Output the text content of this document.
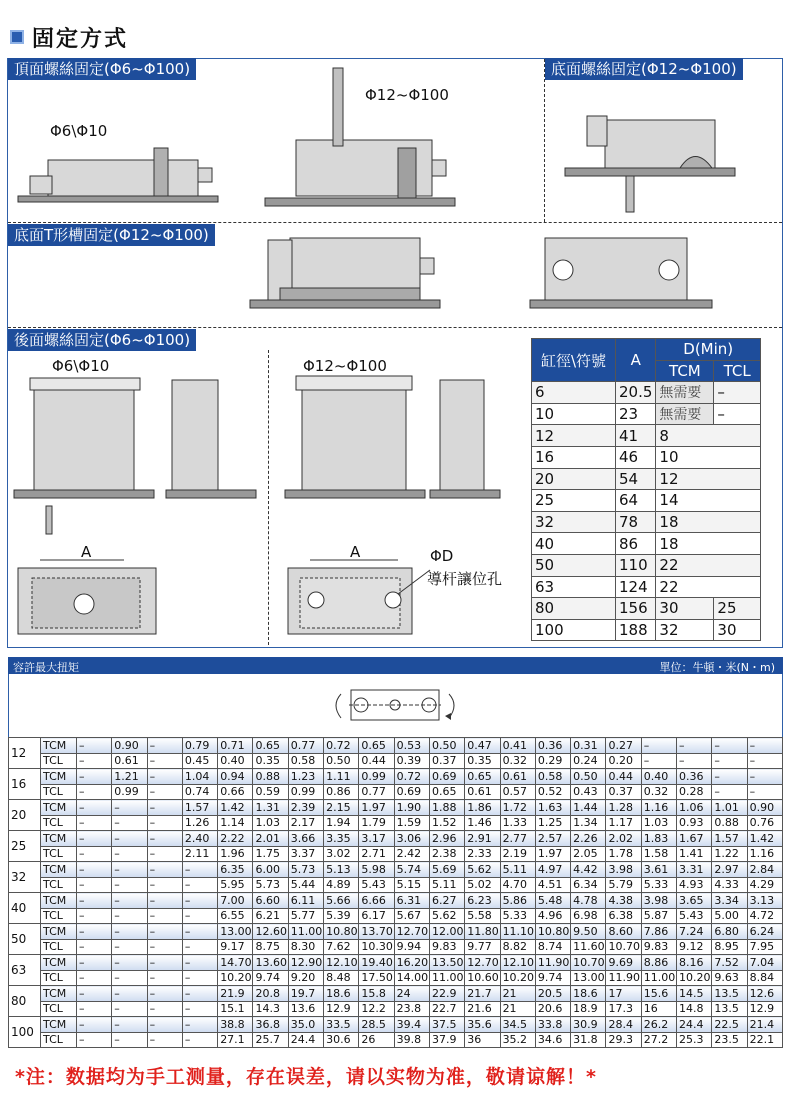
固定方式
頂面螺絲固定(Φ6~Φ100)	底面螺絲固定(Φ12~Φ100)
底面T形槽固定(Φ12~Φ100)
後面螺絲固定(Φ6~Φ100)
Φ6\Φ10
Φ12~Φ100
Φ6\Φ10	Φ12~Φ100
A	A	ΦD
導杆讓位孔
缸徑\符號	A	D(Min)	
		TCM	TCL
6	20.5	無需要	–
10	23	無需要	–
12	41	8	
16	46	10	
20	54	12	
25	64	14	
32	78	18	
40	86	18	
50	110	22	
63	124	22	
80	156	30	25
100	188	32	30
容許最大扭矩	單位：牛頓・米(N・m)
12	TCM	–	0.90	–	0.79	0.71	0.65	0.77	0.72	0.65	0.53	0.50	0.47	0.41	0.36	0.31	0.27	–	–	–	–
	TCL	–	0.61	–	0.45	0.40	0.35	0.58	0.50	0.44	0.39	0.37	0.35	0.32	0.29	0.24	0.20	–	–	–	–
16	TCM	–	1.21	–	1.04	0.94	0.88	1.23	1.11	0.99	0.72	0.69	0.65	0.61	0.58	0.50	0.44	0.40	0.36	–	–
	TCL	–	0.99	–	0.74	0.66	0.59	0.99	0.86	0.77	0.69	0.65	0.61	0.57	0.52	0.43	0.37	0.32	0.28	–	–
20	TCM	–	–	–	1.57	1.42	1.31	2.39	2.15	1.97	1.90	1.88	1.86	1.72	1.63	1.44	1.28	1.16	1.06	1.01	0.90
	TCL	–	–	–	1.26	1.14	1.03	2.17	1.94	1.79	1.59	1.52	1.46	1.33	1.25	1.34	1.17	1.03	0.93	0.88	0.76
25	TCM	–	–	–	2.40	2.22	2.01	3.66	3.35	3.17	3.06	2.96	2.91	2.77	2.57	2.26	2.02	1.83	1.67	1.57	1.42
	TCL	–	–	–	2.11	1.96	1.75	3.37	3.02	2.71	2.42	2.38	2.33	2.19	1.97	2.05	1.78	1.58	1.41	1.22	1.16
32	TCM	–	–	–	–	6.35	6.00	5.73	5.13	5.98	5.74	5.69	5.62	5.11	4.97	4.42	3.98	3.61	3.31	2.97	2.84
	TCL	–	–	–	–	5.95	5.73	5.44	4.89	5.43	5.15	5.11	5.02	4.70	4.51	6.34	5.79	5.33	4.93	4.33	4.29
40	TCM	–	–	–	–	7.00	6.60	6.11	5.66	6.66	6.31	6.27	6.23	5.86	5.48	4.78	4.38	3.98	3.65	3.34	3.13
	TCL	–	–	–	–	6.55	6.21	5.77	5.39	6.17	5.67	5.62	5.58	5.33	4.96	6.98	6.38	5.87	5.43	5.00	4.72
50	TCM	–	–	–	–	13.00	12.60	11.00	10.80	13.70	12.70	12.00	11.80	11.10	10.80	9.50	8.60	7.86	7.24	6.80	6.24
	TCL	–	–	–	–	9.17	8.75	8.30	7.62	10.30	9.94	9.83	9.77	8.82	8.74	11.60	10.70	9.83	9.12	8.95	7.95
63	TCM	–	–	–	–	14.70	13.60	12.90	12.10	19.40	16.20	13.50	12.70	12.10	11.90	10.70	9.69	8.86	8.16	7.52	7.04
	TCL	–	–	–	–	10.20	9.74	9.20	8.48	17.50	14.00	11.00	10.60	10.20	9.74	13.00	11.90	11.00	10.20	9.63	8.84
80	TCM	–	–	–	–	21.9	20.8	19.7	18.6	15.8	24	22.9	21.7	21	20.5	18.6	17	15.6	14.5	13.5	12.6
	TCL	–	–	–	–	15.1	14.3	13.6	12.9	12.2	23.8	22.7	21.6	21	20.6	18.9	17.3	16	14.8	13.5	12.9
100	TCM	–	–	–	–	38.8	36.8	35.0	33.5	28.5	39.4	37.5	35.6	34.5	33.8	30.9	28.4	26.2	24.4	22.5	21.4
	TCL	–	–	–	–	27.1	25.7	24.4	30.6	26	39.8	37.9	36	35.2	34.6	31.8	29.3	27.2	25.3	23.5	22.1
*注：数据均为手工测量，存在误差，请以实物为准，敬请谅解！*
